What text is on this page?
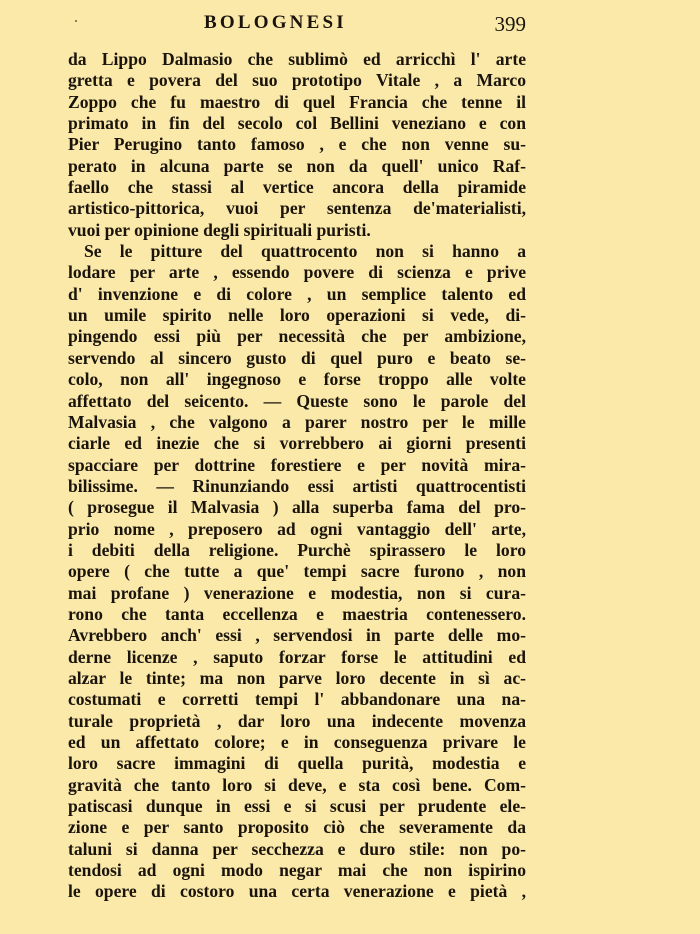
BOLOGNESI	399
da Lippo Dalmasio che sublimò ed arricchì l' arte
gretta e povera del suo prototipo Vitale , a Marco
Zoppo che fu maestro di quel Francia che tenne il
primato in fin del secolo col Bellini veneziano e con
Pier Perugino tanto famoso , e che non venne su-
perato in alcuna parte se non da quell' unico Raf-
faello che stassi al vertice ancora della piramide
artistico-pittorica, vuoi per sentenza de'materialisti,
vuoi per opinione degli spirituali puristi.
Se le pitture del quattrocento non si hanno a
lodare per arte , essendo povere di scienza e prive
d' invenzione e di colore , un semplice talento ed
un umile spirito nelle loro operazioni si vede, di-
pingendo essi più per necessità che per ambizione,
servendo al sincero gusto di quel puro e beato se-
colo, non all' ingegnoso e forse troppo alle volte
affettato del seicento. — Queste sono le parole del
Malvasia , che valgono a parer nostro per le mille
ciarle ed inezie che si vorrebbero ai giorni presenti
spacciare per dottrine forestiere e per novità mira-
bilissime. — Rinunziando essi artisti quattrocentisti
( prosegue il Malvasia ) alla superba fama del pro-
prio nome , preposero ad ogni vantaggio dell' arte,
i debiti della religione. Purchè spirassero le loro
opere ( che tutte a que' tempi sacre furono , non
mai profane ) venerazione e modestia, non si cura-
rono che tanta eccellenza e maestria contenessero.
Avrebbero anch' essi , servendosi in parte delle mo-
derne licenze , saputo forzar forse le attitudini ed
alzar le tinte; ma non parve loro decente in sì ac-
costumati e corretti tempi l' abbandonare una na-
turale proprietà , dar loro una indecente movenza
ed un affettato colore; e in conseguenza privare le
loro sacre immagini di quella purità, modestia e
gravità che tanto loro si deve, e sta così bene. Com-
patiscasi dunque in essi e si scusi per prudente ele-
zione e per santo proposito ciò che severamente da
taluni si danna per secchezza e duro stile: non po-
tendosi ad ogni modo negar mai che non ispirino
le opere di costoro una certa venerazione e pietà ,
